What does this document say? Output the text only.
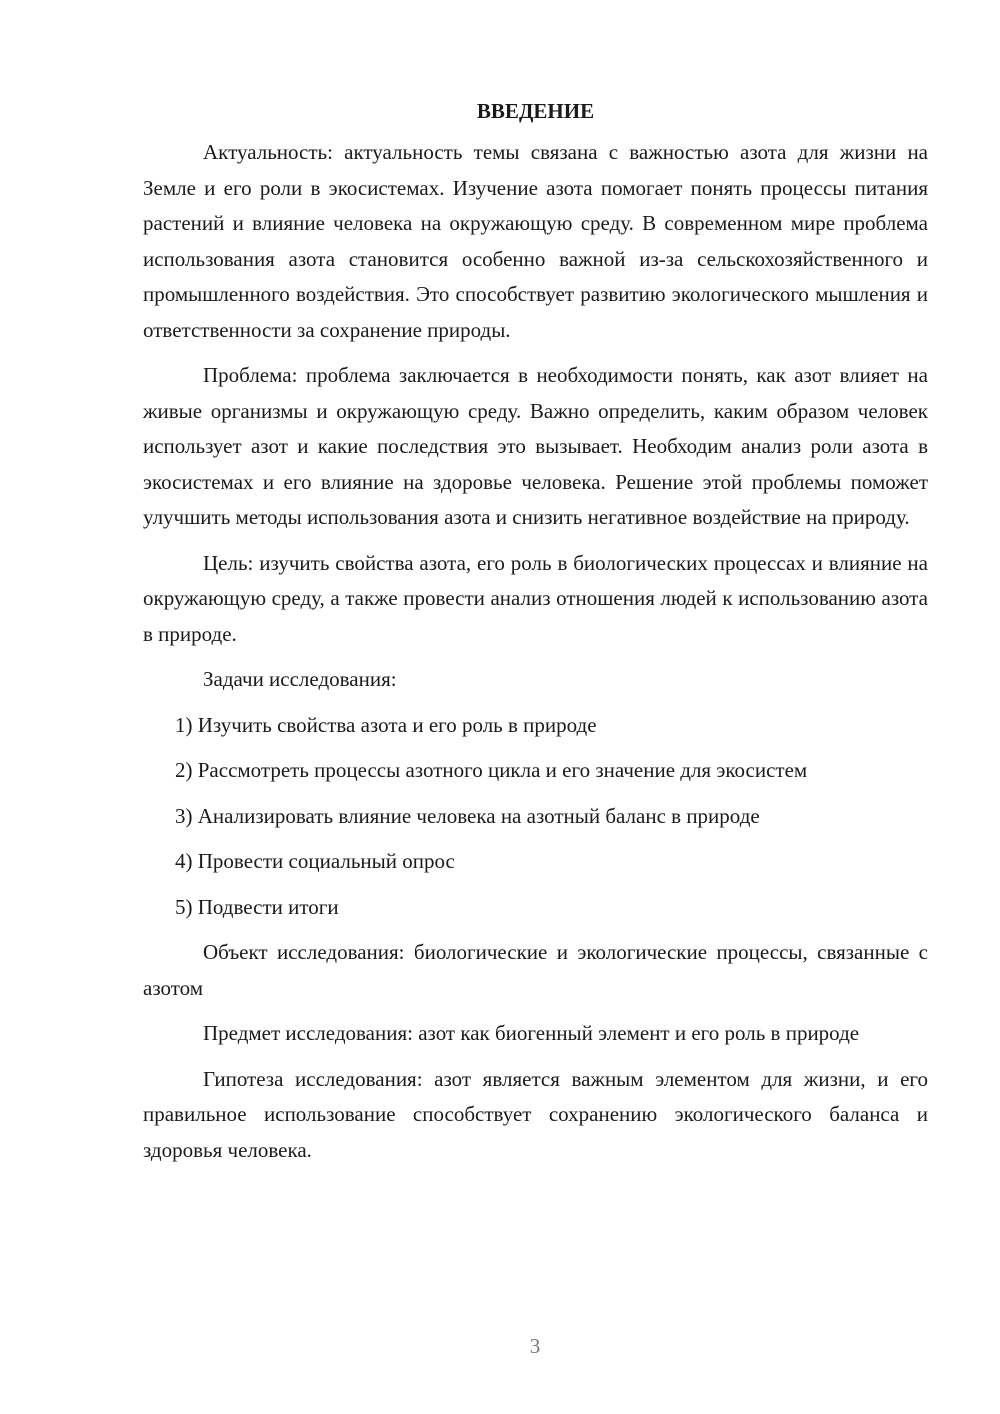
ВВЕДЕНИЕ

Актуальность: актуальность темы связана с важностью азота для жизни на Земле и его роли в экосистемах. Изучение азота помогает понять процессы питания растений и влияние человека на окружающую среду. В современном мире проблема использования азота становится особенно важной из-за сельскохозяйственного и промышленного воздействия. Это способствует развитию экологического мышления и ответственности за сохранение природы.

Проблема: проблема заключается в необходимости понять, как азот влияет на живые организмы и окружающую среду. Важно определить, каким образом человек использует азот и какие последствия это вызывает. Необходим анализ роли азота в экосистемах и его влияние на здоровье человека. Решение этой проблемы поможет улучшить методы использования азота и снизить негативное воздействие на природу.

Цель: изучить свойства азота, его роль в биологических процессах и влияние на окружающую среду, а также провести анализ отношения людей к использованию азота в природе.

Задачи исследования:

1) Изучить свойства азота и его роль в природе
2) Рассмотреть процессы азотного цикла и его значение для экосистем
3) Анализировать влияние человека на азотный баланс в природе
4) Провести социальный опрос
5) Подвести итоги

Объект исследования: биологические и экологические процессы, связанные с азотом

Предмет исследования: азот как биогенный элемент и его роль в природе

Гипотеза исследования: азот является важным элементом для жизни, и его правильное использование способствует сохранению экологического баланса и здоровья человека.

3
